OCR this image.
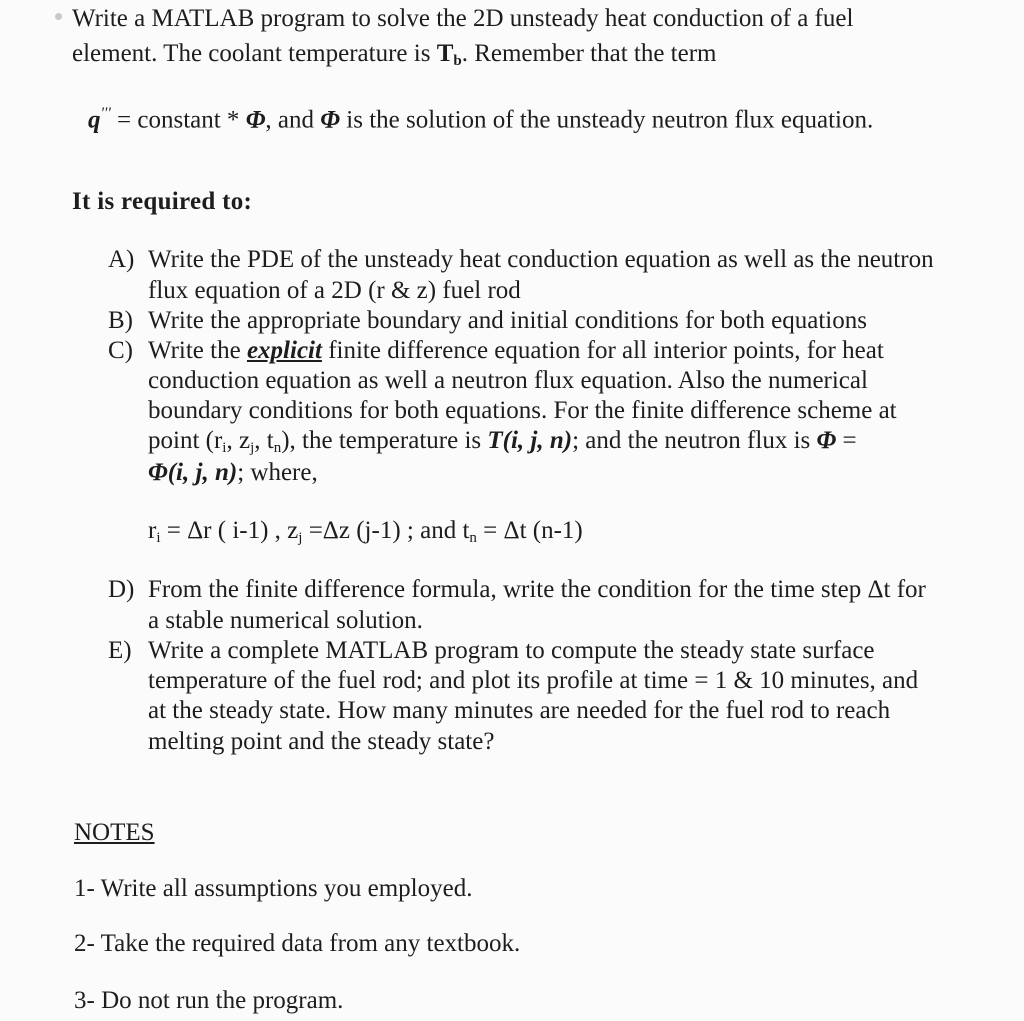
Write a MATLAB program to solve the 2D unsteady heat conduction of a fuel
element. The coolant temperature is $T_b$. Remember that the term
q''' = constant * Φ, and Φ is the solution of the unsteady neutron flux equation.
It is required to:
A) Write the PDE of the unsteady heat conduction equation as well as the neutron
flux equation of a 2D (r & z) fuel rod
B) Write the appropriate boundary and initial conditions for both equations
C) Write the explicit finite difference equation for all interior points, for heat
conduction equation as well a neutron flux equation. Also the numerical
boundary conditions for both equations. For the finite difference scheme at
point ($r_i$, $z_j$, $t_n$), the temperature is T(i, j, n); and the neutron flux is Φ =
Φ(i, j, n); where,
$r_i = \Delta r$ ( i-1) , $z_j =\Delta z$ (j-1) ; and $t_n = \Delta t$ (n-1)
D) From the finite difference formula, write the condition for the time step Δt for
a stable numerical solution.
E) Write a complete MATLAB program to compute the steady state surface
temperature of the fuel rod; and plot its profile at time = 1 & 10 minutes, and
at the steady state. How many minutes are needed for the fuel rod to reach
melting point and the steady state?
NOTES
1- Write all assumptions you employed.
2- Take the required data from any textbook.
3- Do not run the program.
